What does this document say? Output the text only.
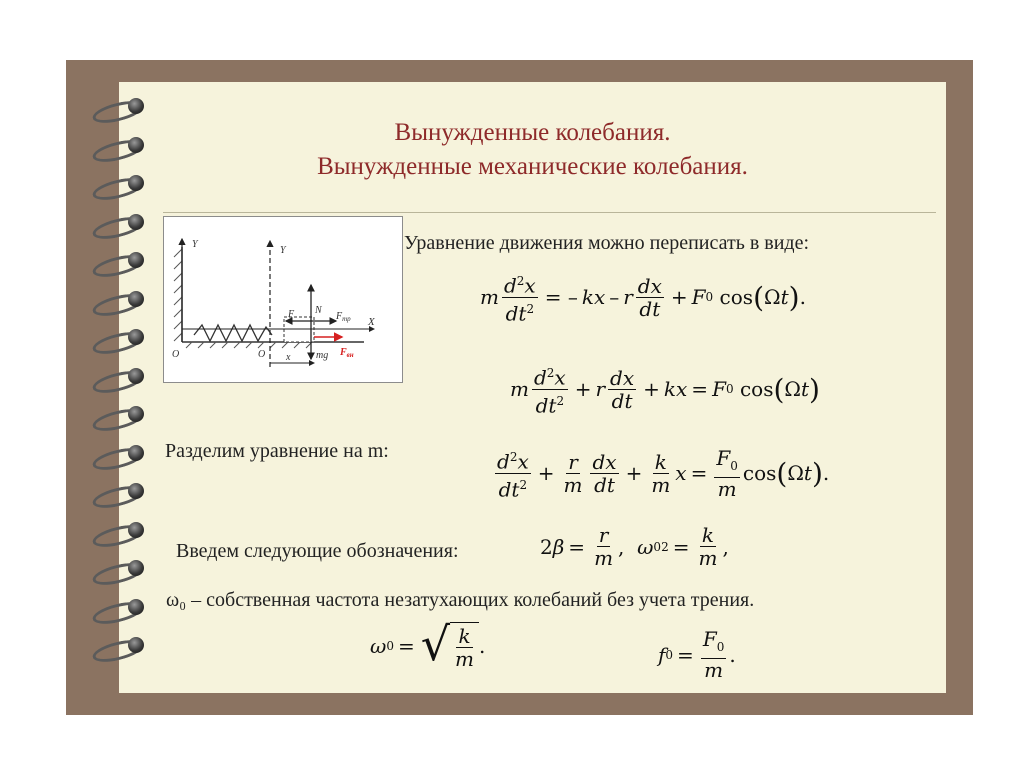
Вынужденные колебания.
Вынужденные механические колебания.
Y
O
Y
O
X
x
N
mg
F	$F_{тр}$
$F_{вн}$
Уравнение движения можно переписать в виде:
m $\frac{d^2x}{dt^2}$ = – kx – r $\frac{dx}{dt} + F$ 0 cos ( Ω t ) .
m $\frac{d^2x}{dt^2} + r \frac{dx}{dt}$ + kx = F 0 cos ( Ω t )
Разделим уравнение на m:	$\frac{d^2x}{dt^2} + \frac{r}{m} \frac{dx}{dt} + \frac{k}{m}$ $x = \frac{F_0}{m}$ cos ( Ω t ) .
Введем следующие обозначения:	2 $\beta = \frac{r}{m}$ , ω 0 $2 = \frac{k}{m}$ ,
ω₀ – собственная частота незатухающих колебаний без учета трения.
ω 0 = √ $\frac{k}{m}$ .	f $0 = \frac{F_0}{m}$ .
